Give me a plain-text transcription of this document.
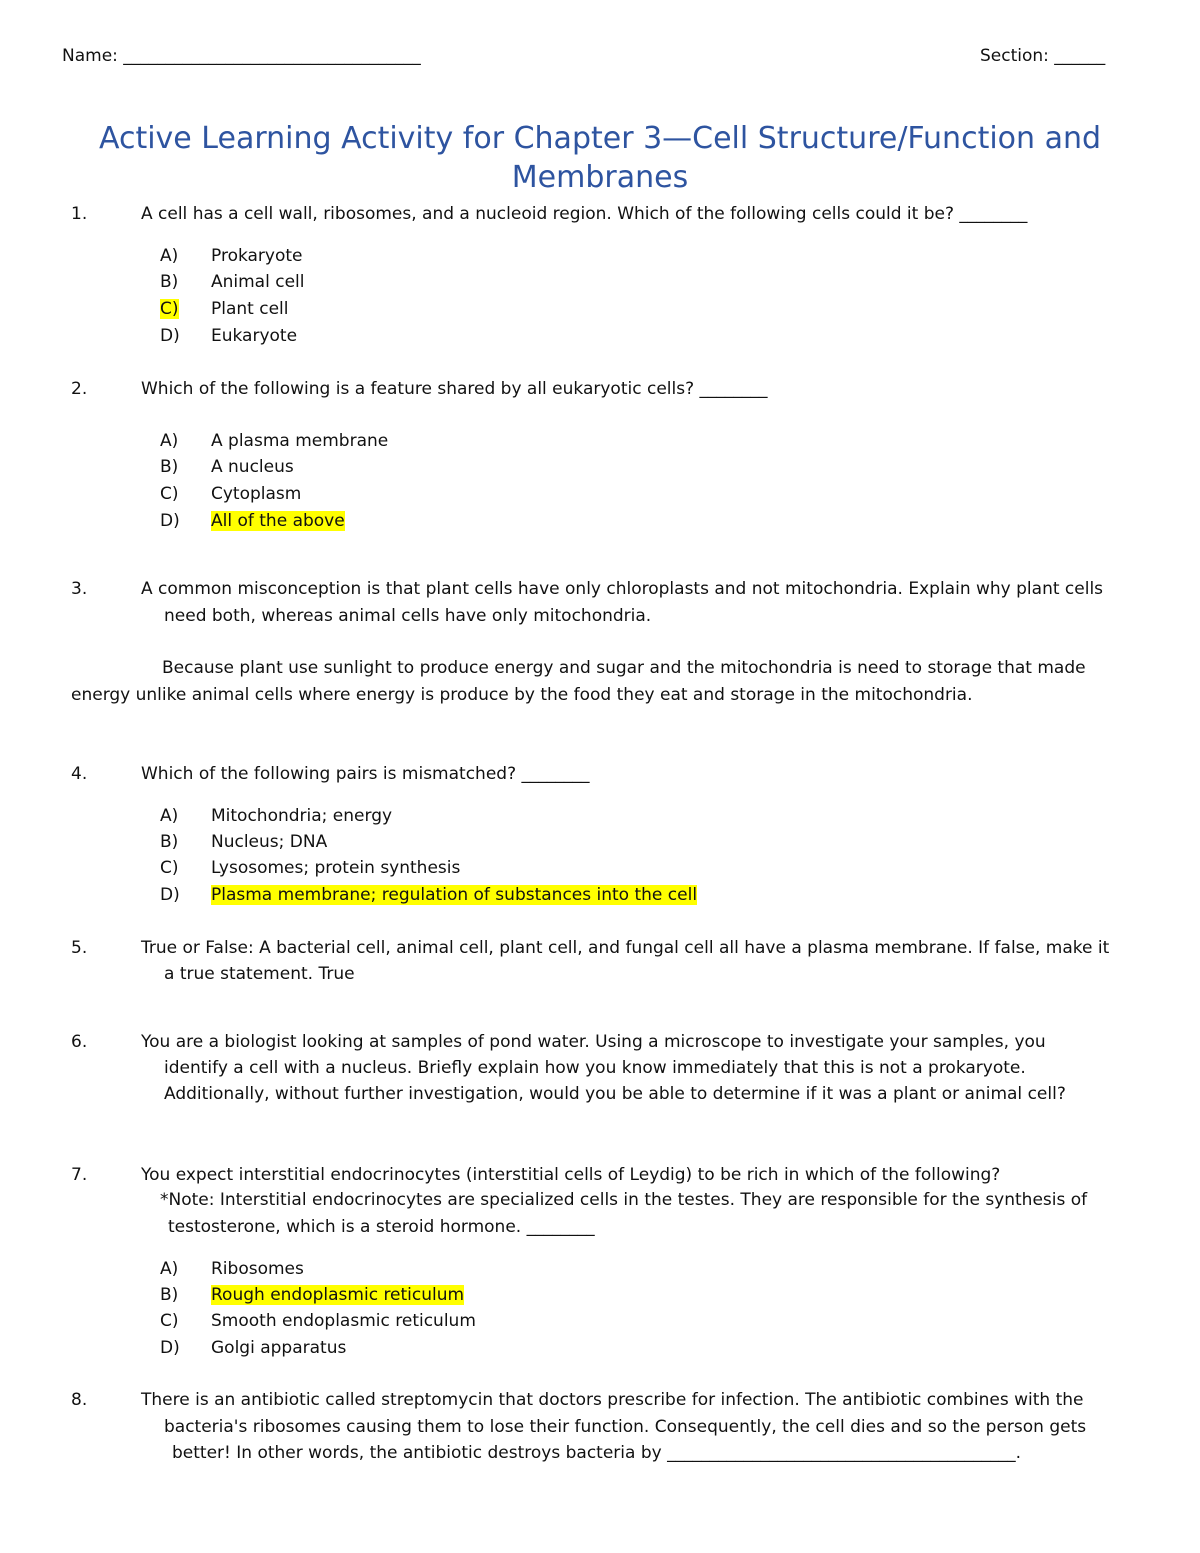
Name: ___________________________________	Section: ______
Active Learning Activity for Chapter 3—Cell Structure/Function and
Membranes
1.	A cell has a cell wall, ribosomes, and a nucleoid region. Which of the following cells could it be? ________
A) Prokaryote
B) Animal cell
C) Plant cell
D) Eukaryote
2.	Which of the following is a feature shared by all eukaryotic cells? ________
A) A plasma membrane
B) A nucleus
C) Cytoplasm
D) All of the above
3.	A common misconception is that plant cells have only chloroplasts and not mitochondria. Explain why plant cells
need both, whereas animal cells have only mitochondria.
Because plant use sunlight to produce energy and sugar and the mitochondria is need to storage that made
energy unlike animal cells where energy is produce by the food they eat and storage in the mitochondria.
4.	Which of the following pairs is mismatched? ________
A) Mitochondria; energy
B) Nucleus; DNA
C) Lysosomes; protein synthesis
D) Plasma membrane; regulation of substances into the cell
5.	True or False: A bacterial cell, animal cell, plant cell, and fungal cell all have a plasma membrane. If false, make it
a true statement. True
6.	You are a biologist looking at samples of pond water. Using a microscope to investigate your samples, you
identify a cell with a nucleus. Briefly explain how you know immediately that this is not a prokaryote.
Additionally, without further investigation, would you be able to determine if it was a plant or animal cell?
7.	You expect interstitial endocrinocytes (interstitial cells of Leydig) to be rich in which of the following?
*Note: Interstitial endocrinocytes are specialized cells in the testes. They are responsible for the synthesis of
testosterone, which is a steroid hormone. ________
A) Ribosomes
B) Rough endoplasmic reticulum
C) Smooth endoplasmic reticulum
D) Golgi apparatus
8.	There is an antibiotic called streptomycin that doctors prescribe for infection. The antibiotic combines with the
bacteria's ribosomes causing them to lose their function. Consequently, the cell dies and so the person gets
better! In other words, the antibiotic destroys bacteria by _________________________________________.
